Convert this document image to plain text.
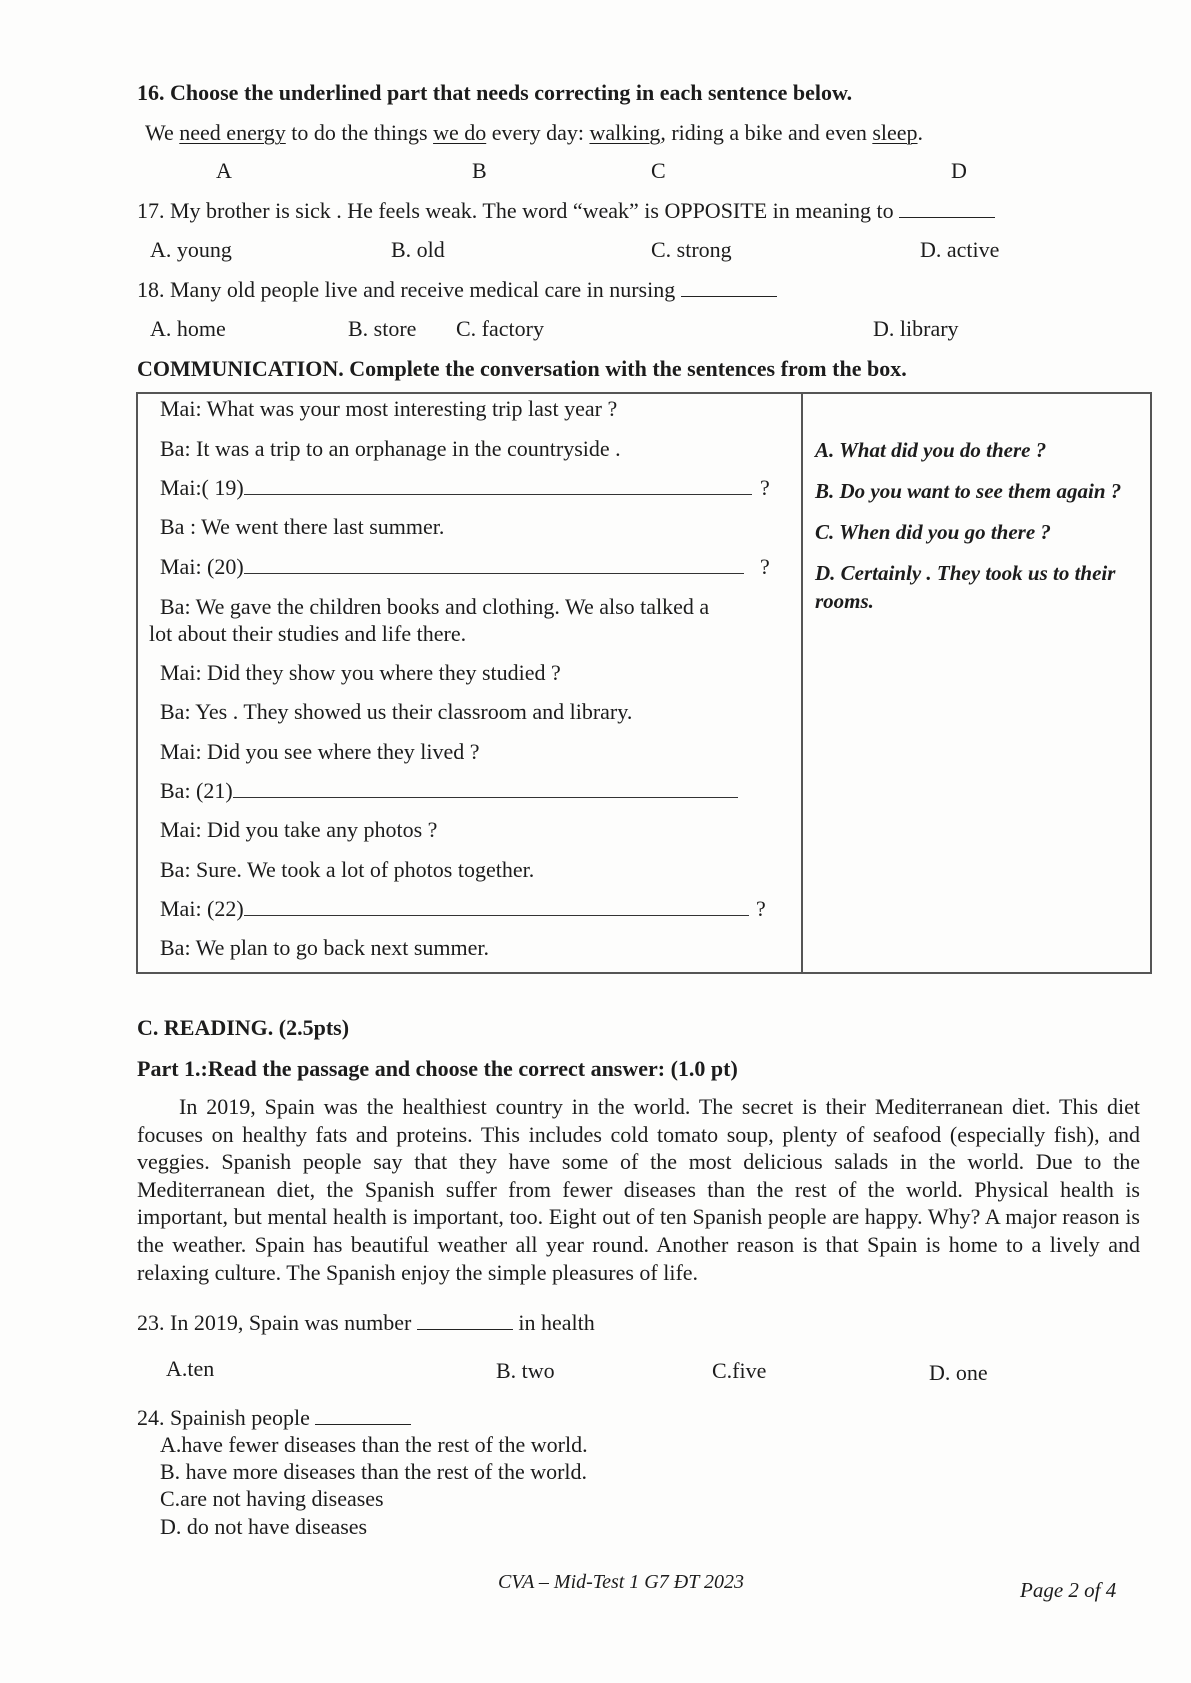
16. Choose the underlined part that needs correcting in each sentence below.
We need energy to do the things we do every day: walking, riding a bike and even sleep.
A	B	C	D
17. My brother is sick . He feels weak. The word “weak” is OPPOSITE in meaning to
A. young	B. old	C. strong	D. active
18. Many old people live and receive medical care in nursing
A. home	B. store C. factory	D. library
COMMUNICATION. Complete the conversation with the sentences from the box.
Mai: What was your most interesting trip last year ?
Ba: It was a trip to an orphanage in the countryside .
Mai:( 19)	?
Ba : We went there last summer.
Mai: (20)	?
Ba: We gave the children books and clothing. We also talked a
lot about their studies and life there.
Mai: Did they show you where they studied ?
Ba: Yes . They showed us their classroom and library.
Mai: Did you see where they lived ?
Ba: (21)
Mai: Did you take any photos ?
Ba: Sure. We took a lot of photos together.
Mai: (22)	?
Ba: We plan to go back next summer.
A. What did you do there ?
B. Do you want to see them again ?
C. When did you go there ?
D. Certainly . They took us to their
rooms.
C. READING. (2.5pts)
Part 1.:Read the passage and choose the correct answer: (1.0 pt)

In 2019, Spain was the healthiest country in the world. The secret is their Mediterranean diet. This diet focuses on healthy fats and proteins. This includes cold tomato soup, plenty of seafood (especially fish), and veggies. Spanish people say that they have some of the most delicious salads in the world. Due to the Mediterranean diet, the Spanish suffer from fewer diseases than the rest of the world. Physical health is important, but mental health is important, too. Eight out of ten Spanish people are happy. Why? A major reason is the weather. Spain has beautiful weather all year round. Another reason is that Spain is home to a lively and relaxing culture. The Spanish enjoy the simple pleasures of life.

23. In 2019, Spain was number	in health
A.ten	B. two	C.five	D. one
24. Spainish people
A.have fewer diseases than the rest of the world.
B. have more diseases than the rest of the world.
C.are not having diseases
D. do not have diseases
CVA – Mid-Test 1 G7 ĐT 2023	Page 2 of 4
